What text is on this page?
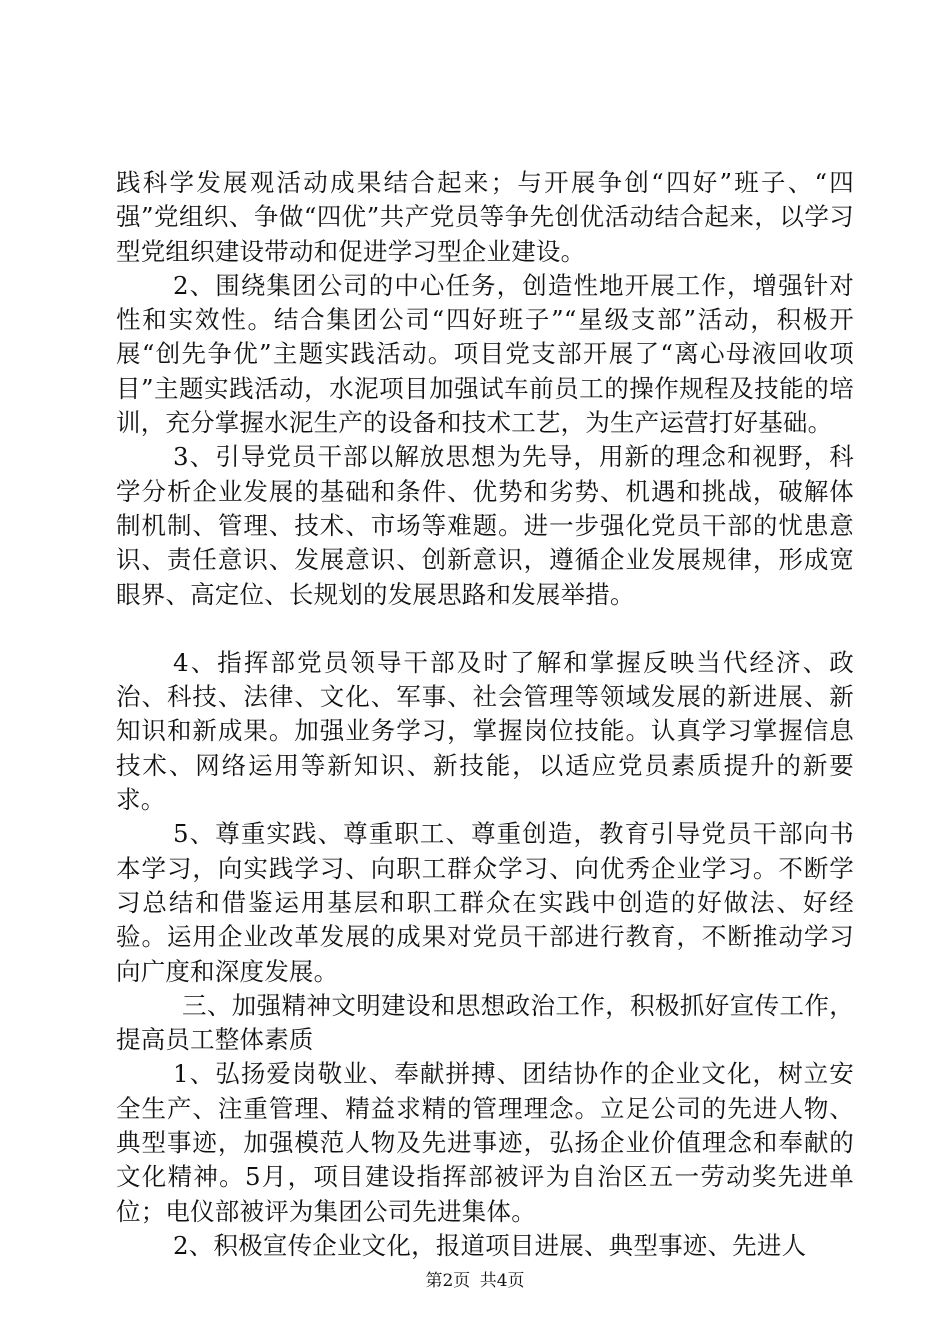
践科学发展观活动成果结合起来；与开展争创“四好”班子、“四强”党组织、争做“四优”共产党员等争先创优活动结合起来，以学习型党组织建设带动和促进学习型企业建设。

2、围绕集团公司的中心任务，创造性地开展工作，增强针对性和实效性。结合集团公司“四好班子”“星级支部”活动，积极开展“创先争优”主题实践活动。项目党支部开展了“离心母液回收项目”主题实践活动，水泥项目加强试车前员工的操作规程及技能的培训，充分掌握水泥生产的设备和技术工艺，为生产运营打好基础。

3、引导党员干部以解放思想为先导，用新的理念和视野，科学分析企业发展的基础和条件、优势和劣势、机遇和挑战，破解体制机制、管理、技术、市场等难题。进一步强化党员干部的忧患意识、责任意识、发展意识、创新意识，遵循企业发展规律，形成宽眼界、高定位、长规划的发展思路和发展举措。

4、指挥部党员领导干部及时了解和掌握反映当代经济、政治、科技、法律、文化、军事、社会管理等领域发展的新进展、新知识和新成果。加强业务学习，掌握岗位技能。认真学习掌握信息技术、网络运用等新知识、新技能，以适应党员素质提升的新要求。

5、尊重实践、尊重职工、尊重创造，教育引导党员干部向书本学习，向实践学习、向职工群众学习、向优秀企业学习。不断学习总结和借鉴运用基层和职工群众在实践中创造的好做法、好经验。运用企业改革发展的成果对党员干部进行教育，不断推动学习向广度和深度发展。

三、加强精神文明建设和思想政治工作，积极抓好宣传工作，提高员工整体素质

1、弘扬爱岗敬业、奉献拼搏、团结协作的企业文化，树立安全生产、注重管理、精益求精的管理理念。立足公司的先进人物、典型事迹，加强模范人物及先进事迹，弘扬企业价值理念和奉献的文化精神。5月，项目建设指挥部被评为自治区五一劳动奖先进单位；电仪部被评为集团公司先进集体。

2、积极宣传企业文化，报道项目进展、典型事迹、先进人

第2页 共4页
